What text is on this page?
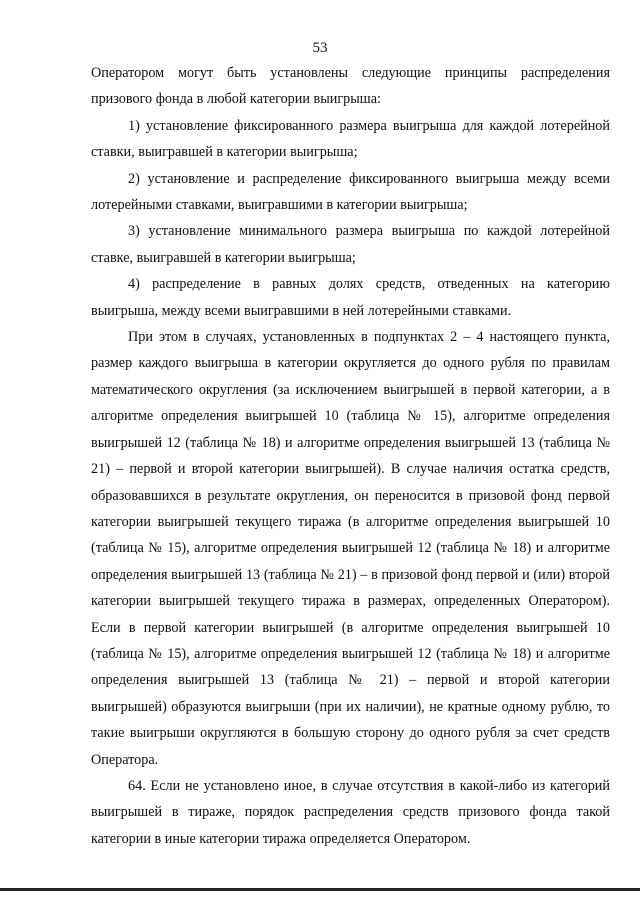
53

Оператором могут быть установлены следующие принципы распределения призового фонда в любой категории выигрыша:

1) установление фиксированного размера выигрыша для каждой лотерейной ставки, выигравшей в категории выигрыша;

2) установление и распределение фиксированного выигрыша между всеми лотерейными ставками, выигравшими в категории выигрыша;

3) установление минимального размера выигрыша по каждой лотерейной ставке, выигравшей в категории выигрыша;

4) распределение в равных долях средств, отведенных на категорию выигрыша, между всеми выигравшими в ней лотерейными ставками.

При этом в случаях, установленных в подпунктах 2 – 4 настоящего пункта, размер каждого выигрыша в категории округляется до одного рубля по правилам математического округления (за исключением выигрышей в первой категории, а в алгоритме определения выигрышей 10 (таблица № 15), алгоритме определения выигрышей 12 (таблица № 18) и алгоритме определения выигрышей 13 (таблица № 21) – первой и второй категории выигрышей). В случае наличия остатка средств, образовавшихся в результате округления, он переносится в призовой фонд первой категории выигрышей текущего тиража (в алгоритме определения выигрышей 10 (таблица № 15), алгоритме определения выигрышей 12 (таблица № 18) и алгоритме определения выигрышей 13 (таблица № 21) – в призовой фонд первой и (или) второй категории выигрышей текущего тиража в размерах, определенных Оператором). Если в первой категории выигрышей (в алгоритме определения выигрышей 10 (таблица № 15), алгоритме определения выигрышей 12 (таблица № 18) и алгоритме определения выигрышей 13 (таблица № 21) – первой и второй категории выигрышей) образуются выигрыши (при их наличии), не кратные одному рублю, то такие выигрыши округляются в большую сторону до одного рубля за счет средств Оператора.

64. Если не установлено иное, в случае отсутствия в какой-либо из категорий выигрышей в тираже, порядок распределения средств призового фонда такой категории в иные категории тиража определяется Оператором.
